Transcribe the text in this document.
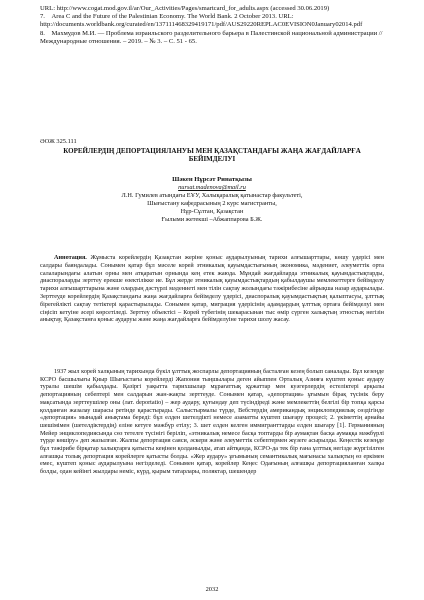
URL: http://www.cogat.mod.gov.il/ar/Our_Activities/Pages/smartcard_for_adults.aspx (accessed 30.06.2019)

7.    Area C and the Future of the Palestinian Economy. The World Bank. 2 October 2013. URL: http://documents.worldbank.org/curated/en/137111468329419171/pdf/AUS29220REPLAC0EVISION0January02014.pdf

8.    Махмудов М.И. — Проблема израильского разделительного барьера в Палестинской национальной администрации // Международные отношения. – 2019. – № 3. – С. 51 - 65.

ӘОЖ 325.111
КОРЕЙЛЕРДІҢ ДЕПОРТАЦИЯЛАНУЫ МЕН ҚАЗАҚСТАНДАҒЫ ЖАҢА ЖАҒДАЙЛАРҒА БЕЙІМДЕЛУІ
Шәкен Нұрсәт Ринатқызы
nursat.madenova@mail.ru
Л.Н. Гумилев атындағы ЕҰУ, Халықаралық қатынастар факультеті,
Шығыстану кафедрасының 2 курс магистранты,
Нұр-Сұлтан, Қазақстан
Ғылыми жетекші –Абжаппарова Б.Ж.

Аннотация. Жұмыста корейлердің Қазақстан жеріне қоныс аударылуының тарихи алғышарттары, көшу үдерісі мен салдары баяндалады. Сонымен қатар бұл мәселе корей этникалық қауымдастығының экономика, мәдениет, әлеуметтік орта салаларындағы алатын орны мен атқаратын орнында кең етек жаюда. Мұндай жағдайларда этникалық қауымдастықтарды, диаспораларды зерттеу ерекше өзектілікке ие. Бұл жерде этникалық қауымдастықтардың қабылдаушы мемлекеттерге бейімделу тарихи алғышарттарына және олардың дәстүрлі мәдениеті мен тілін сақтау жолындағы тәжірибесіне айрықша назар аударылады. Зерттеуде корейлердің Қазақстандағы жаңа жағдайларға бейімделу үдерісі, диаспоралық қауымдастықтың қалыптасуы, ұлттық бірегейлікті сақтау тетіктері қарастырылады. Сонымен қатар, миграция үдерісінің адамдардың ұлттық ортаға бейімделуі мен сіңісіп кетуіне әсері көрсетіледі. Зерттеу объектісі – Корей түбегінің шекарасынан тыс өмір сүрген халықтың этностық негізін анықтау, Қазақстанға қоныс аударуы және жаңа жағдайларға бейімделуіне тарихи шолу жасау.

1937 жыл корей халқының тарихында бүкіл ұлттық жоспарлы депортацияның басталған кезең болып саналады. Бұл кезеңде КСРО басшылығы Қиыр Шығыстағы корейлерді Жапония тыңшылары деген айыппен Орталық Азияға күштеп қоныс аудару туралы шешім қабылдады. Қазіргі уақытта тарихшылар мұрағаттық құжаттар мен куәгерлердің естеліктері арқылы депортацияның себептері мен салдарын жан-жақты зерттеуде. Сонымен қатар, «депортация» ұғымын бірақ түсінік беру мақсатында зерттеушілер оны (лат. deportatio) – жер аудару, қуғындау деп түсіндіреді және мемлекеттің белгілі бір топқа қарсы қолданған жазалау шарасы ретінде қарастырады. Салыстырмалы түрде, Вебстердің американдық энциклопедиялық сөздігінде «депортация» мынадай анықтама береді: бұл елден шетелдікті немесе азаматты күштеп шығару процесі; 2. үкіметтің арнайы шешімімен (шетелдіктердің) еліне кетуге мәжбүр етілу; 3. шет елден келген иммигранттарды елден шығару [1]. Германияның Мейер энциклопедиясында сөз тетелге түсінігі беріліп, «этникалық немесе басқа топтарды бір аумақтан басқа аумаққа мәжбүрлі түрде көшіру» деп жазылған. Жалпы депортация саяси, әскери және әлеуметтік себептермен жүзеге асырылды. Кеңестік кезеңде бұл тәжірибе бірқатар халықтарға қатысты кеңінен қолданылды, атап айтқанда, КСРО-да тек бір ғана ұлттық негізде жүргізілген алғашқы толық депортация корейлерге қатысты болды. «Жер аудару» ұғымының семантикалық мағынасы халықтың өз еркімен емес, күштеп қоныс аударылуына негізделеді. Сонымен қатар, корейлер Кеңес Одағының алғашқы депортацияланған халқы болды, одан кейінгі жылдары неміс, күрд, қырым татарлары, поляктар, шешендер

2032
